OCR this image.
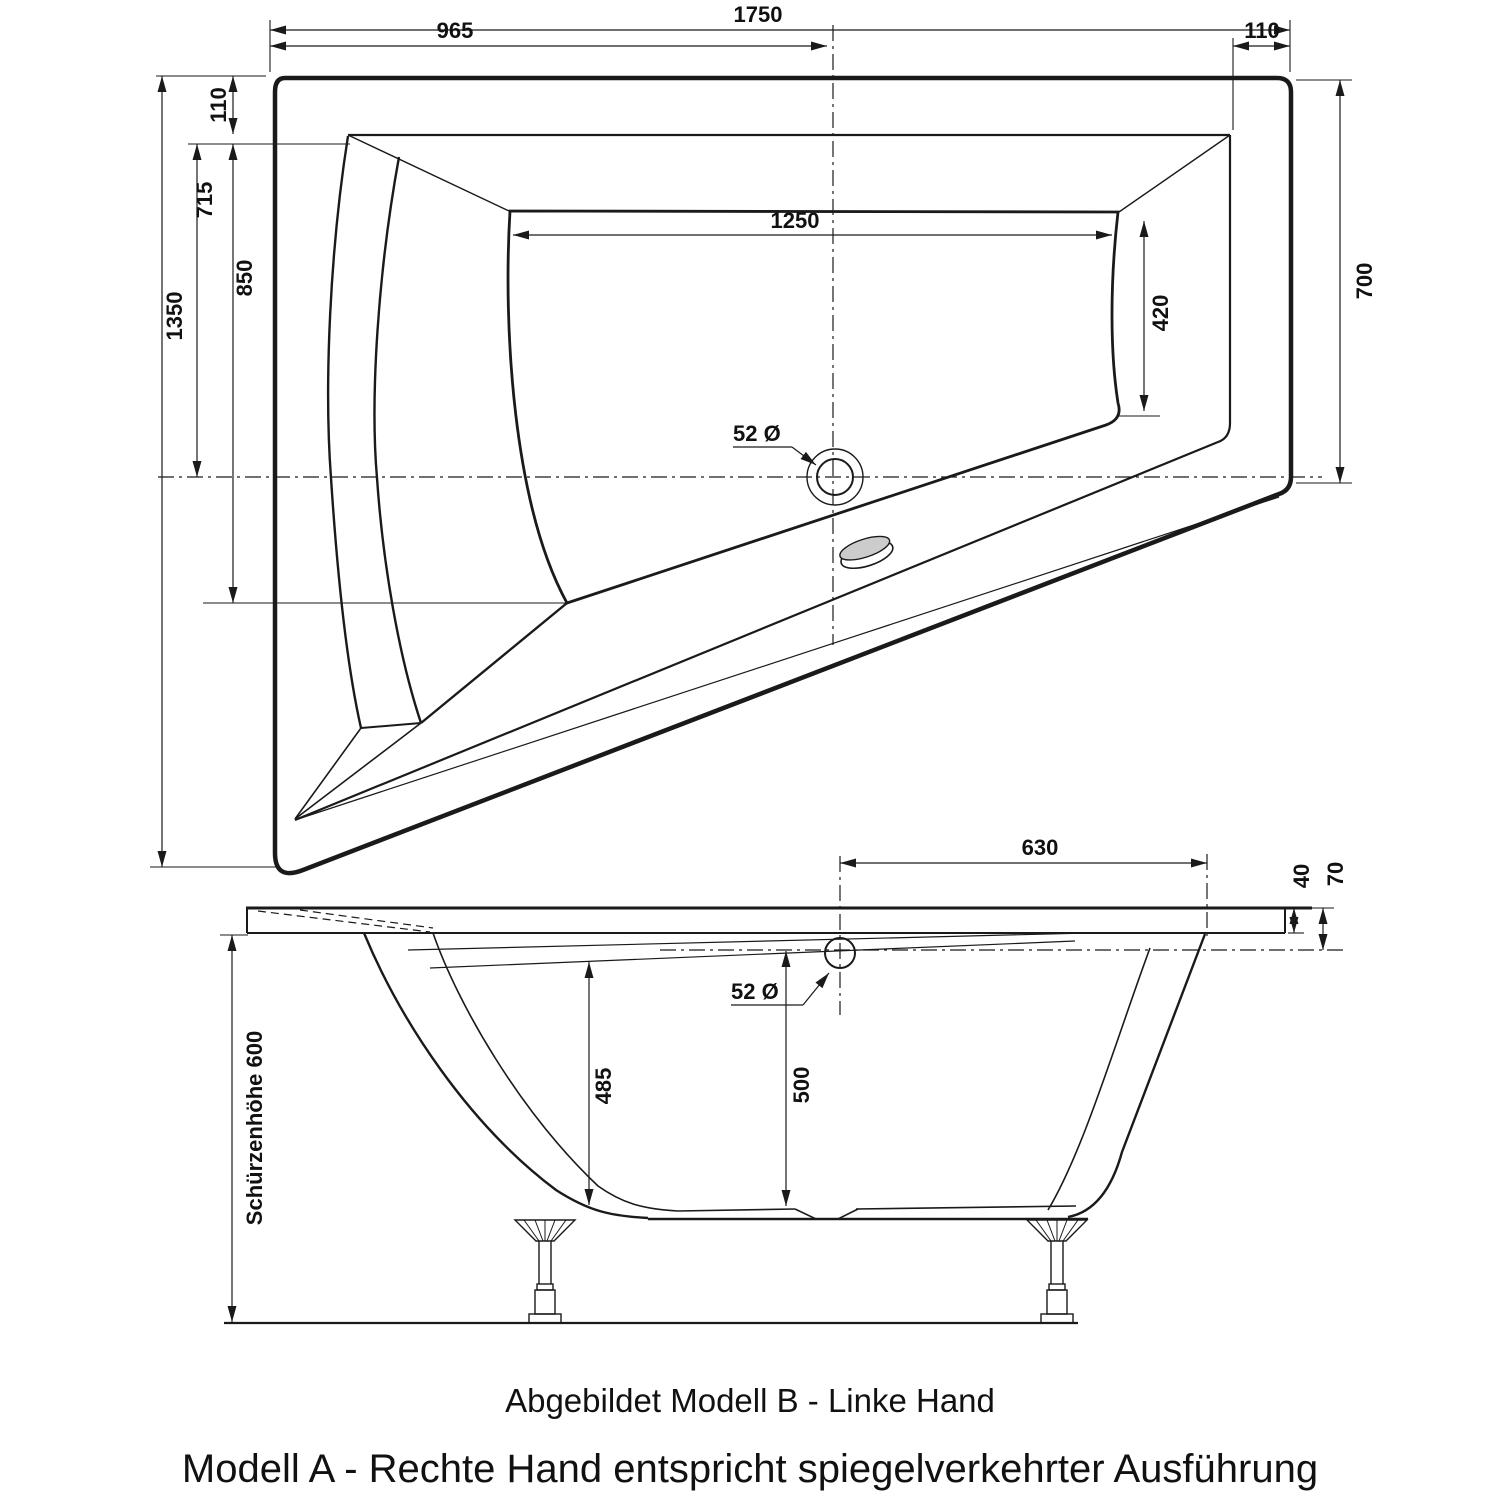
52 Ø
1750
965	110
700
110
715
850
1350
1250
420
52 Ø
630
70
40
485	500
Schürzenhöhe 600
Abgebildet Modell B - Linke Hand
Modell A - Rechte Hand entspricht spiegelverkehrter Ausführung
